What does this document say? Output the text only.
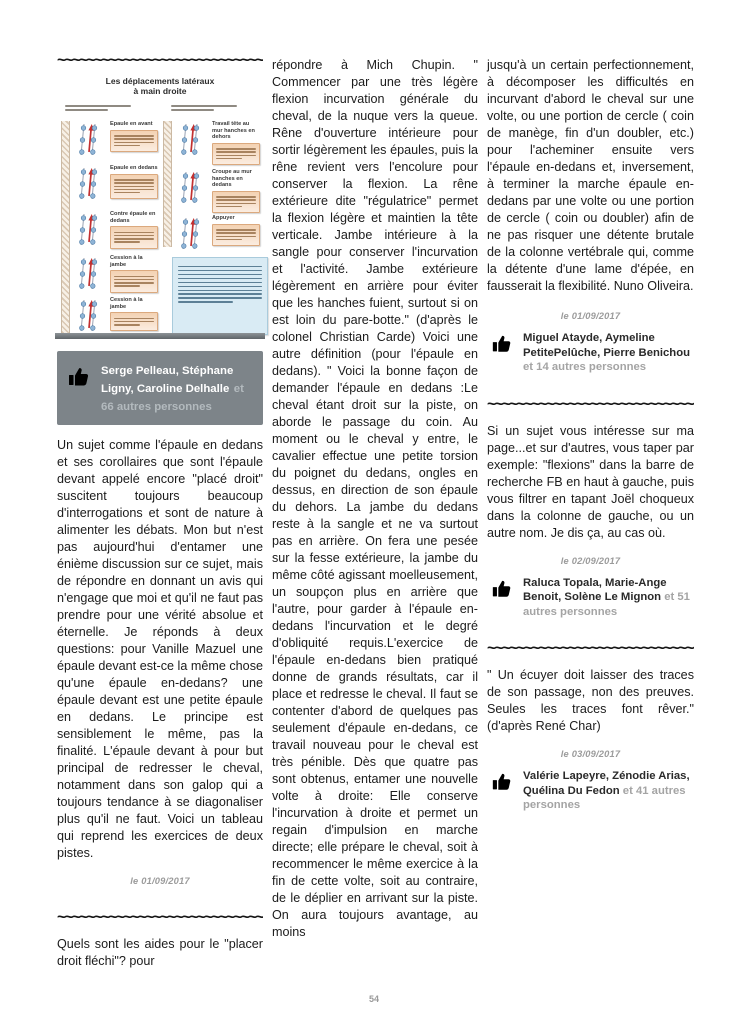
~~~~~
Les déplacements latéraux
à main droite
Epaule en avant
Epaule en dedans
Contre épaule en dedans
Cession à la jambe
Cession à la jambe
Travail tête au mur hanches en dehors
Croupe au mur hanches en dedans
Appuyer
Serge Pelleau, Stéphane Ligny, Caroline Delhalle et 66 autres personnes

Un sujet comme l'épaule en dedans et ses corollaires que sont l'épaule devant appelé encore "placé droit" suscitent toujours beaucoup d'interrogations et sont de nature à alimenter les débats. Mon but n'est pas aujourd'hui d'entamer une énième discussion sur ce sujet, mais de répondre en donnant un avis qui n'engage que moi et qu'il ne faut pas prendre pour une vérité absolue et éternelle. Je réponds à deux questions: pour Vanille Mazuel une épaule devant est-ce la même chose qu'une épaule en-dedans? une épaule devant est une petite épaule en dedans. Le principe est sensiblement le même, pas la finalité. L'épaule devant à pour but principal de redresser le cheval, notamment dans son galop qui a toujours tendance à se diagonaliser plus qu'il ne faut. Voici un tableau qui reprend les exercices de deux pistes.

le 01/09/2017
~~~~~

Quels sont les aides pour le "placer droit fléchi"? pour

répondre à Mich Chupin. " Commencer par une très légère flexion incurvation générale du cheval, de la nuque vers la queue. Rêne d'ouverture intérieure pour sortir légèrement les épaules, puis la rêne revient vers l'encolure pour conserver la flexion. La rêne extérieure dite "régulatrice" permet la flexion légère et maintien la tête verticale. Jambe intérieure à la sangle pour conserver l'incurvation et l'activité. Jambe extérieure légèrement en arrière pour éviter que les hanches fuient, surtout si on est loin du pare-botte." (d'après le colonel Christian Carde) Voici une autre définition (pour l'épaule en dedans). " Voici la bonne façon de demander l'épaule en dedans :Le cheval étant droit sur la piste, on aborde le passage du coin. Au moment ou le cheval y entre, le cavalier effectue une petite torsion du poignet du dedans, ongles en dessus, en direction de son épaule du dehors. La jambe du dedans reste à la sangle et ne va surtout pas en arrière. On fera une pesée sur la fesse extérieure, la jambe du même côté agissant moelleusement, un soupçon plus en arrière que l'autre, pour garder à l'épaule en-dedans l'incurvation et le degré d'obliquité requis.L'exercice de l'épaule en-dedans bien pratiqué donne de grands résultats, car il place et redresse le cheval. Il faut se contenter d'abord de quelques pas seulement d'épaule en-dedans, ce travail nouveau pour le cheval est très pénible. Dès que quatre pas sont obtenus, entamer une nouvelle volte à droite: Elle conserve l'incurvation à droite et permet un regain d'impulsion en marche directe; elle prépare le cheval, soit à recommencer le même exercice à la fin de cette volte, soit au contraire, de le déplier en arrivant sur la piste. On aura toujours avantage, au moins

jusqu'à un certain perfectionnement, à décomposer les difficultés en incurvant d'abord le cheval sur une volte, ou une portion de cercle ( coin de manège, fin d'un doubler, etc.) pour l'acheminer ensuite vers l'épaule en-dedans et, inversement, à terminer la marche épaule en-dedans par une volte ou une portion de cercle ( coin ou doubler) afin de ne pas risquer une détente brutale de la colonne vertébrale qui, comme la détente d'une lame d'épée, en fausserait la flexibilité. Nuno Oliveira.

le 01/09/2017
Miguel Atayde, Aymeline PetitePelûche, Pierre Benichou et 14 autres personnes
~~~~~

Si un sujet vous intéresse sur ma page...et sur d'autres, vous taper par exemple: "flexions" dans la barre de recherche FB en haut à gauche, puis vous filtrer en tapant Joël choqueux dans la colonne de gauche, ou un autre nom. Je dis ça, au cas où.

le 02/09/2017
Raluca Topala, Marie-Ange Benoit, Solène Le Mignon et 51 autres personnes
~~~~~

" Un écuyer doit laisser des traces de son passage, non des preuves. Seules les traces font rêver." (d'après René Char)

le 03/09/2017
Valérie Lapeyre, Zénodie Arias, Quélina Du Fedon et 41 autres personnes
54
